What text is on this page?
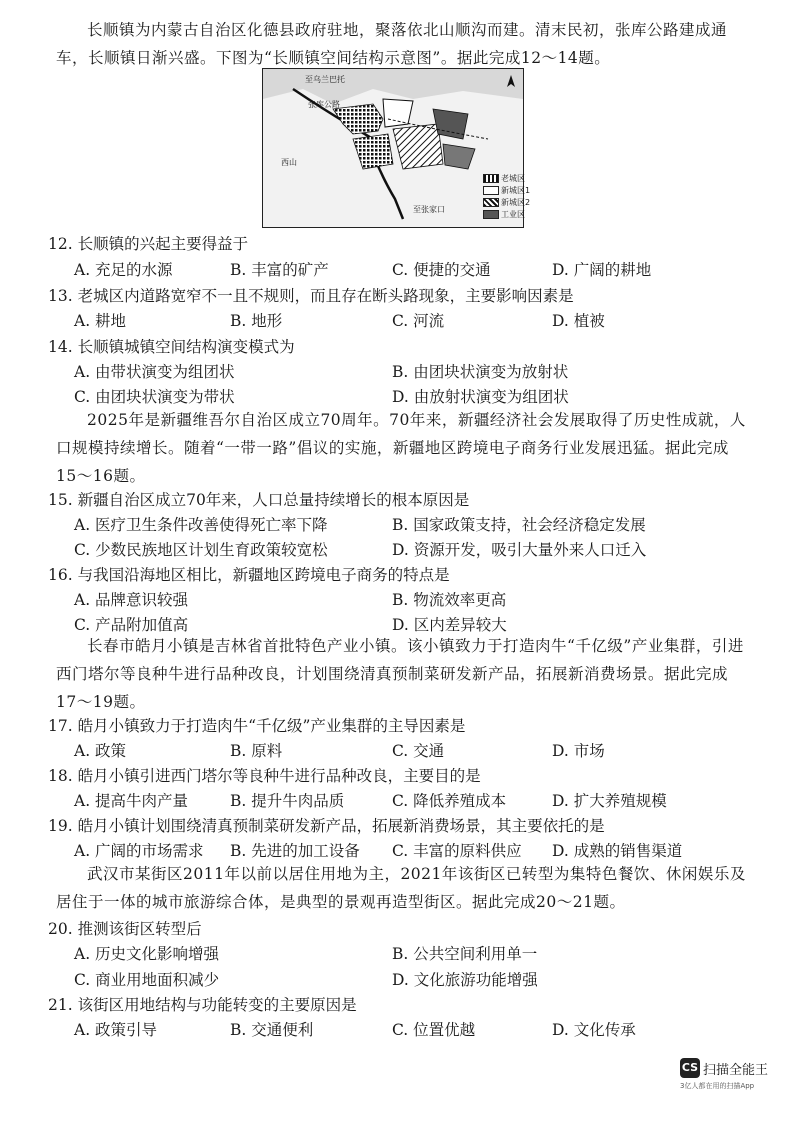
长顺镇为内蒙古自治区化德县政府驻地，聚落依北山顺沟而建。清末民初，张库公路建成通车，长顺镇日渐兴盛。下图为“长顺镇空间结构示意图”。据此完成12～14题。
至乌兰巴托
张库公路
西山
至张家口
老城区
新城区1
新城区2
工业区
12. 长顺镇的兴起主要得益于
A. 充足的水源	B. 丰富的矿产	C. 便捷的交通	D. 广阔的耕地
13. 老城区内道路宽窄不一且不规则，而且存在断头路现象，主要影响因素是
A. 耕地	B. 地形	C. 河流	D. 植被
14. 长顺镇城镇空间结构演变模式为
A. 由带状演变为组团状	B. 由团块状演变为放射状
C. 由团块状演变为带状	D. 由放射状演变为组团状
2025年是新疆维吾尔自治区成立70周年。70年来，新疆经济社会发展取得了历史性成就，人口规模持续增长。随着“一带一路”倡议的实施，新疆地区跨境电子商务行业发展迅猛。据此完成15～16题。
15. 新疆自治区成立70年来，人口总量持续增长的根本原因是
A. 医疗卫生条件改善使得死亡率下降	B. 国家政策支持，社会经济稳定发展
C. 少数民族地区计划生育政策较宽松	D. 资源开发，吸引大量外来人口迁入
16. 与我国沿海地区相比，新疆地区跨境电子商务的特点是
A. 品牌意识较强	B. 物流效率更高
C. 产品附加值高	D. 区内差异较大
长春市皓月小镇是吉林省首批特色产业小镇。该小镇致力于打造肉牛“千亿级”产业集群，引进西门塔尔等良种牛进行品种改良，计划围绕清真预制菜研发新产品，拓展新消费场景。据此完成17～19题。
17. 皓月小镇致力于打造肉牛“千亿级”产业集群的主导因素是
A. 政策	B. 原料	C. 交通	D. 市场
18. 皓月小镇引进西门塔尔等良种牛进行品种改良，主要目的是
A. 提高牛肉产量	B. 提升牛肉品质	C. 降低养殖成本	D. 扩大养殖规模
19. 皓月小镇计划围绕清真预制菜研发新产品，拓展新消费场景，其主要依托的是
A. 广阔的市场需求 B. 先进的加工设备 C. 丰富的原料供应 D. 成熟的销售渠道
武汉市某街区2011年以前以居住用地为主，2021年该街区已转型为集特色餐饮、休闲娱乐及居住于一体的城市旅游综合体，是典型的景观再造型街区。据此完成20～21题。
20. 推测该街区转型后
A. 历史文化影响增强	B. 公共空间利用单一
C. 商业用地面积减少	D. 文化旅游功能增强
21. 该街区用地结构与功能转变的主要原因是
A. 政策引导	B. 交通便利	C. 位置优越	D. 文化传承
CS 扫描全能王
3亿人都在用的扫描App
